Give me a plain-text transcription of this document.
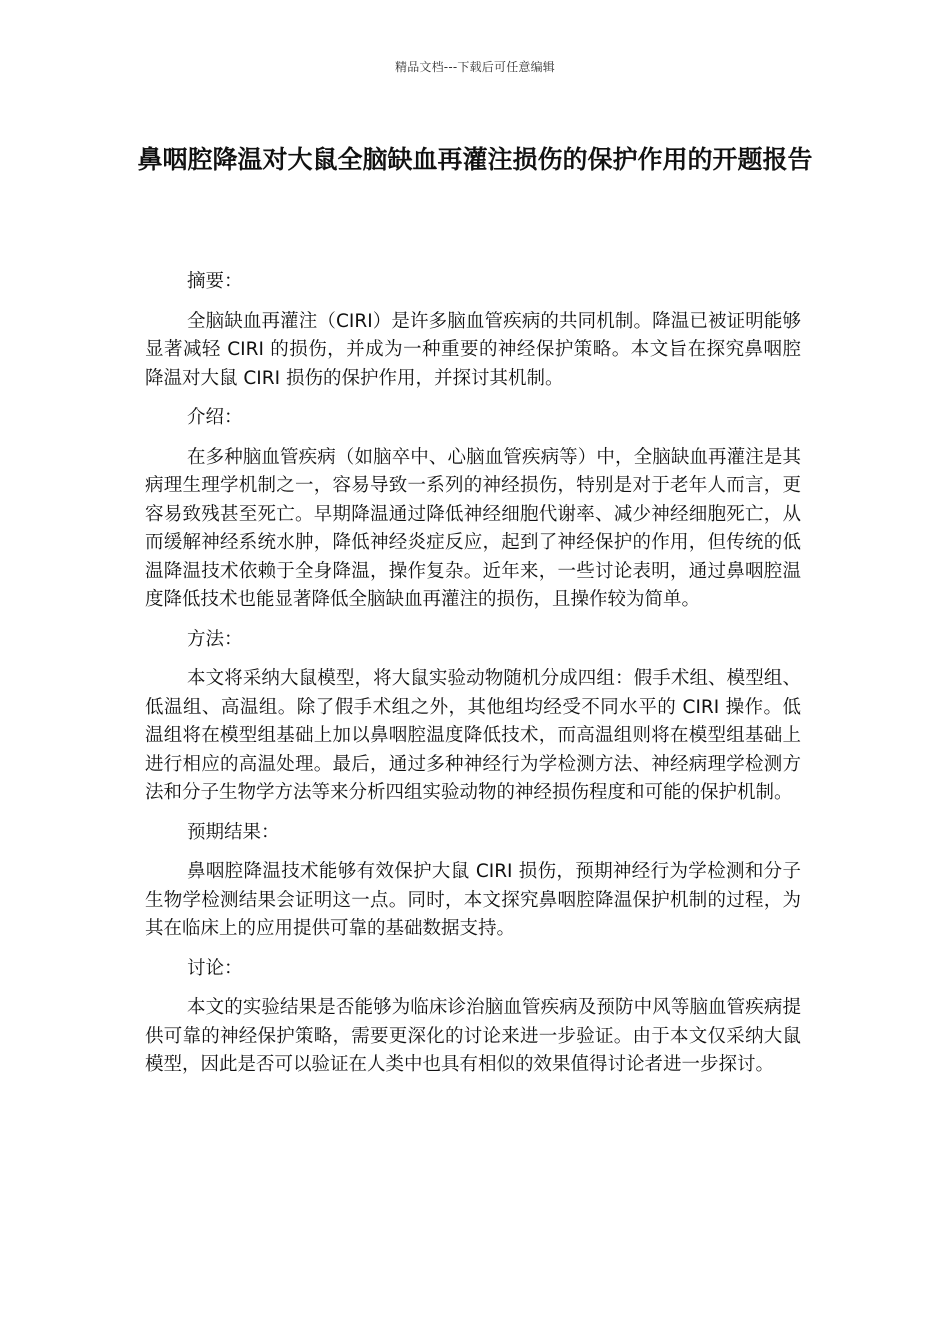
精品文档---下载后可任意编辑
鼻咽腔降温对大鼠全脑缺血再灌注损伤的保护作用的开题报告

摘要：

全脑缺血再灌注（CIRI）是许多脑血管疾病的共同机制。降温已被证明能够显著减轻 CIRI 的损伤，并成为一种重要的神经保护策略。本文旨在探究鼻咽腔降温对大鼠 CIRI 损伤的保护作用，并探讨其机制。

介绍：

在多种脑血管疾病（如脑卒中、心脑血管疾病等）中，全脑缺血再灌注是其病理生理学机制之一，容易导致一系列的神经损伤，特别是对于老年人而言，更容易致残甚至死亡。早期降温通过降低神经细胞代谢率、减少神经细胞死亡，从而缓解神经系统水肿，降低神经炎症反应，起到了神经保护的作用，但传统的低温降温技术依赖于全身降温，操作复杂。近年来，一些讨论表明，通过鼻咽腔温度降低技术也能显著降低全脑缺血再灌注的损伤，且操作较为简单。

方法：

本文将采纳大鼠模型，将大鼠实验动物随机分成四组：假手术组、模型组、低温组、高温组。除了假手术组之外，其他组均经受不同水平的 CIRI 操作。低温组将在模型组基础上加以鼻咽腔温度降低技术，而高温组则将在模型组基础上进行相应的高温处理。最后，通过多种神经行为学检测方法、神经病理学检测方法和分子生物学方法等来分析四组实验动物的神经损伤程度和可能的保护机制。

预期结果：

鼻咽腔降温技术能够有效保护大鼠 CIRI 损伤，预期神经行为学检测和分子生物学检测结果会证明这一点。同时，本文探究鼻咽腔降温保护机制的过程，为其在临床上的应用提供可靠的基础数据支持。

讨论：

本文的实验结果是否能够为临床诊治脑血管疾病及预防中风等脑血管疾病提供可靠的神经保护策略，需要更深化的讨论来进一步验证。由于本文仅采纳大鼠模型，因此是否可以验证在人类中也具有相似的效果值得讨论者进一步探讨。
